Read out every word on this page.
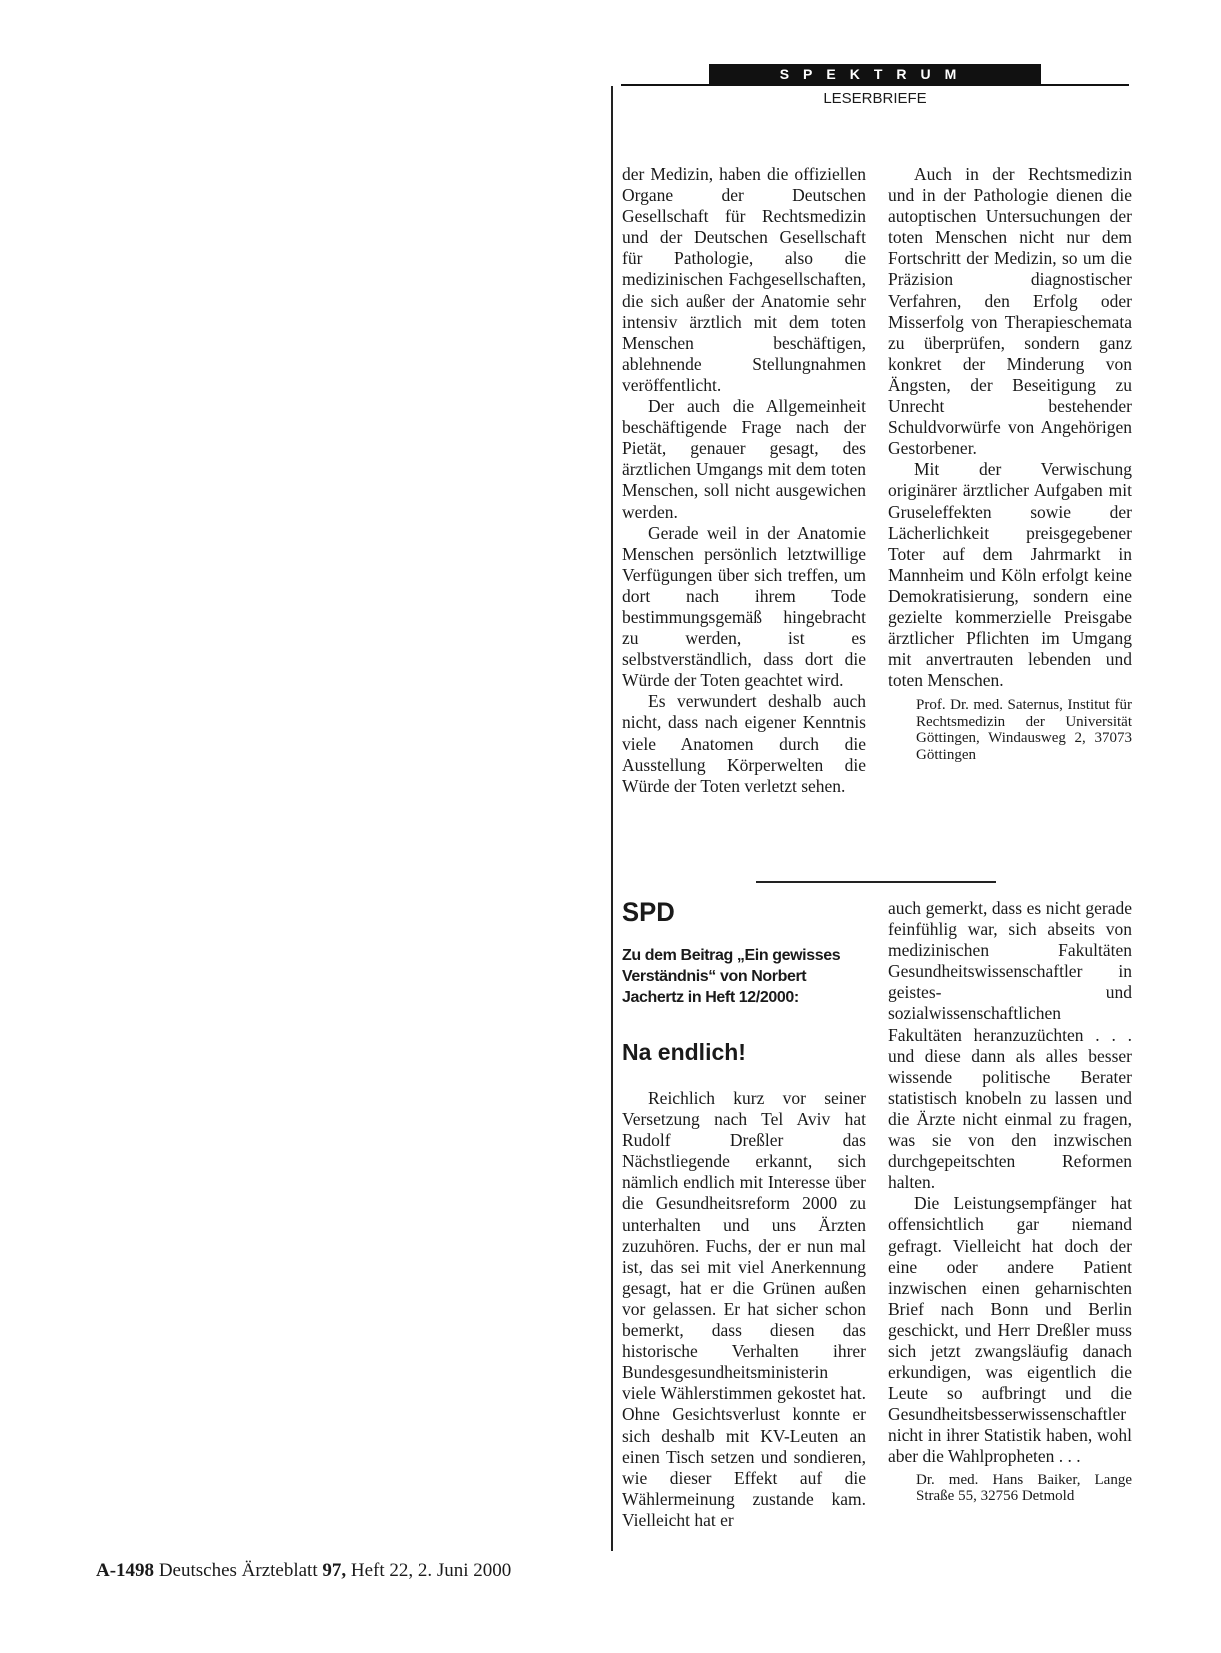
SPEKTRUM
LESERBRIEFE

der Medizin, haben die offiziellen Organe der Deutschen Gesellschaft für Rechtsmedizin und der Deutschen Gesellschaft für Pathologie, also die medizinischen Fachgesellschaften, die sich außer der Anatomie sehr intensiv ärztlich mit dem toten Menschen beschäftigen, ablehnende Stellungnahmen veröffentlicht.

Der auch die Allgemeinheit beschäftigende Frage nach der Pietät, genauer gesagt, des ärztlichen Umgangs mit dem toten Menschen, soll nicht ausgewichen werden.

Gerade weil in der Anatomie Menschen persönlich letztwillige Verfügungen über sich treffen, um dort nach ihrem Tode bestimmungsgemäß hingebracht zu werden, ist es selbstverständlich, dass dort die Würde der Toten geachtet wird.

Es verwundert deshalb auch nicht, dass nach eigener Kenntnis viele Anatomen durch die Ausstellung Körperwelten die Würde der Toten verletzt sehen.

Auch in der Rechtsmedizin und in der Pathologie dienen die autoptischen Untersuchungen der toten Menschen nicht nur dem Fortschritt der Medizin, so um die Präzision diagnostischer Verfahren, den Erfolg oder Misserfolg von Therapieschemata zu überprüfen, sondern ganz konkret der Minderung von Ängsten, der Beseitigung zu Unrecht bestehender Schuldvorwürfe von Angehörigen Gestorbener.

Mit der Verwischung originärer ärztlicher Aufgaben mit Gruseleffekten sowie der Lächerlichkeit preisgegebener Toter auf dem Jahrmarkt in Mannheim und Köln erfolgt keine Demokratisierung, sondern eine gezielte kommerzielle Preisgabe ärztlicher Pflichten im Umgang mit anvertrauten lebenden und toten Menschen.

Prof. Dr. med. Saternus, Institut für Rechtsmedizin der Universität Göttingen, Windausweg 2, 37073 Göttingen

SPD
Zu dem Beitrag „Ein gewisses Verständnis“ von Norbert Jachertz in Heft 12/2000:
Na endlich!

Reichlich kurz vor seiner Versetzung nach Tel Aviv hat Rudolf Dreßler das Nächstliegende erkannt, sich nämlich endlich mit Interesse über die Gesundheitsreform 2000 zu unterhalten und uns Ärzten zuzuhören. Fuchs, der er nun mal ist, das sei mit viel Anerkennung gesagt, hat er die Grünen außen vor gelassen. Er hat sicher schon bemerkt, dass diesen das historische Verhalten ihrer Bundesgesundheitsministerin viele Wählerstimmen gekostet hat. Ohne Gesichtsverlust konnte er sich deshalb mit KV-Leuten an einen Tisch setzen und sondieren, wie dieser Effekt auf die Wählermeinung zustande kam. Vielleicht hat er

auch gemerkt, dass es nicht gerade feinfühlig war, sich abseits von medizinischen Fakultäten Gesundheitswissenschaftler in geistes- und sozialwissenschaftlichen Fakultäten heranzuzüchten . . . und diese dann als alles besser wissende politische Berater statistisch knobeln zu lassen und die Ärzte nicht einmal zu fragen, was sie von den inzwischen durchgepeitschten Reformen halten.

Die Leistungsempfänger hat offensichtlich gar niemand gefragt. Vielleicht hat doch der eine oder andere Patient inzwischen einen geharnischten Brief nach Bonn und Berlin geschickt, und Herr Dreßler muss sich jetzt zwangsläufig danach erkundigen, was eigentlich die Leute so aufbringt und die Gesundheitsbesserwissenschaftler nicht in ihrer Statistik haben, wohl aber die Wahlpropheten . . .

Dr. med. Hans Baiker, Lange Straße 55, 32756 Detmold

A-1498 Deutsches Ärzteblatt 97, Heft 22, 2. Juni 2000
